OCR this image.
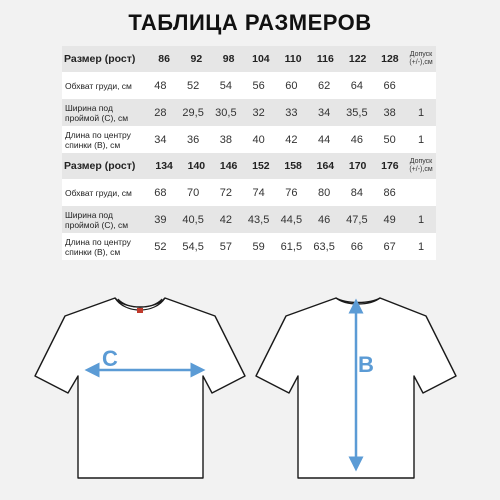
ТАБЛИЦА РАЗМЕРОВ
Размер (рост)	86	92	98	104	110	116	122	128	Допуск (+/-),см
Обхват груди, см	48	52	54	56	60	62	64	66
Ширина под проймой (С), см	28	29,5	30,5	32	33	34	35,5	38	1
Длина по центру спинки (В), см	34	36	38	40	42	44	46	50	1
Размер (рост)	134	140	146	152	158	164	170	176	Допуск (+/-),см
Обхват груди, см	68	70	72	74	76	80	84	86
Ширина под проймой (С), см	39	40,5	42	43,5	44,5	46	47,5	49	1
Длина по центру спинки (В), см	52	54,5	57	59	61,5	63,5	66	67	1
C	B
